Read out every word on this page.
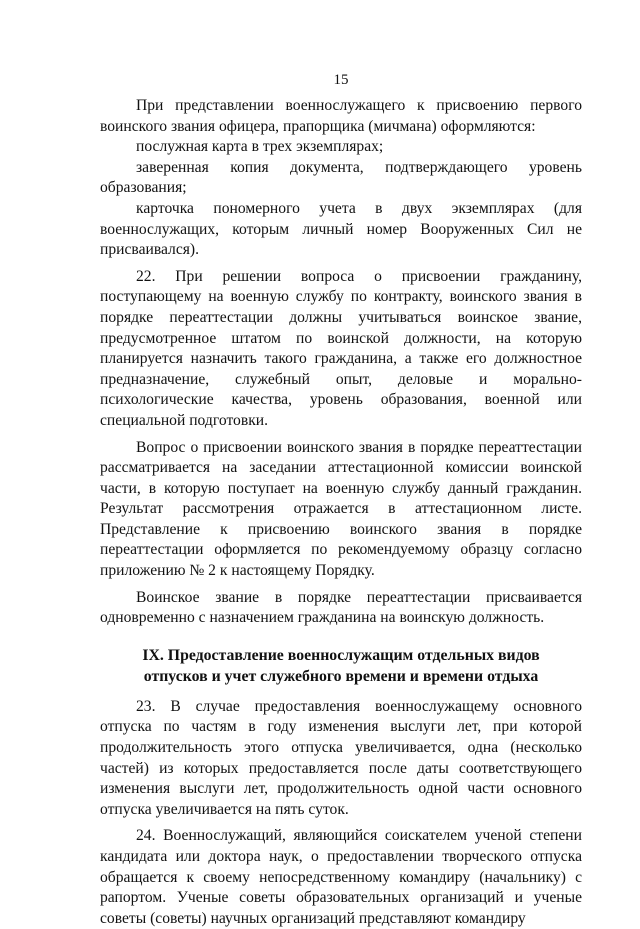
15

При представлении военнослужащего к присвоению первого воинского звания офицера, прапорщика (мичмана) оформляются:

послужная карта в трех экземплярах;

заверенная копия документа, подтверждающего уровень образования;

карточка пономерного учета в двух экземплярах (для военнослужащих, которым личный номер Вооруженных Сил не присваивался).

22. При решении вопроса о присвоении гражданину, поступающему на военную службу по контракту, воинского звания в порядке переаттестации должны учитываться воинское звание, предусмотренное штатом по воинской должности, на которую планируется назначить такого гражданина, а также его должностное предназначение, служебный опыт, деловые и морально-психологические качества, уровень образования, военной или специальной подготовки.

Вопрос о присвоении воинского звания в порядке переаттестации рассматривается на заседании аттестационной комиссии воинской части, в которую поступает на военную службу данный гражданин. Результат рассмотрения отражается в аттестационном листе. Представление к присвоению воинского звания в порядке переаттестации оформляется по рекомендуемому образцу согласно приложению № 2 к настоящему Порядку.

Воинское звание в порядке переаттестации присваивается одновременно с назначением гражданина на воинскую должность.

IX. Предоставление военнослужащим отдельных видов
отпусков и учет служебного времени и времени отдыха

23. В случае предоставления военнослужащему основного отпуска по частям в году изменения выслуги лет, при которой продолжительность этого отпуска увеличивается, одна (несколько частей) из которых предоставляется после даты соответствующего изменения выслуги лет, продолжительность одной части основного отпуска увеличивается на пять суток.

24. Военнослужащий, являющийся соискателем ученой степени кандидата или доктора наук, о предоставлении творческого отпуска обращается к своему непосредственному командиру (начальнику) с рапортом. Ученые советы образовательных организаций и ученые советы (советы) научных организаций представляют командиру
